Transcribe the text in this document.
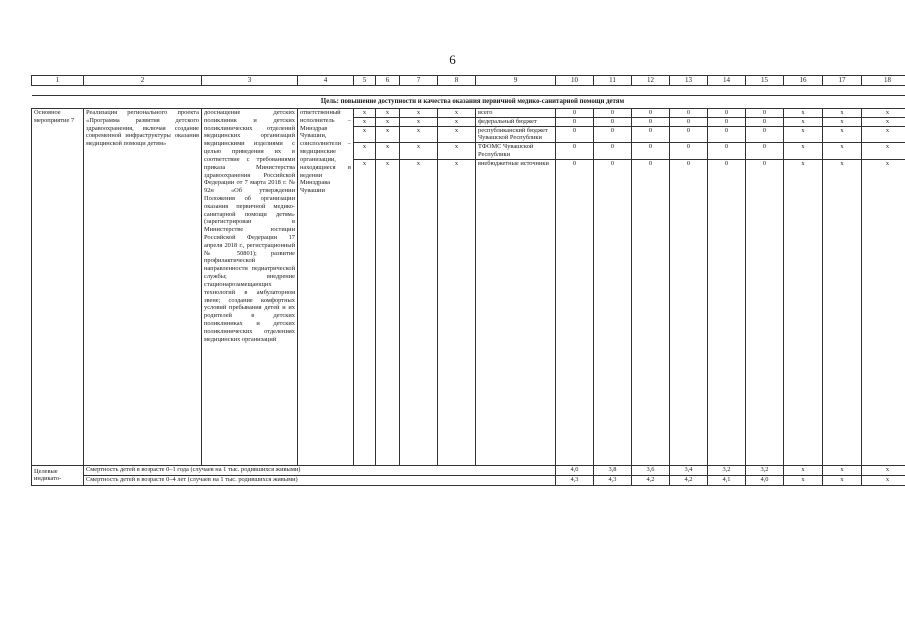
6
1	2	3	4	5	6	7	8	9	10	11	12	13	14	15	16	17	18

Цель: повышение доступности и качества оказания первичной медико-санитарной помощи детям																	
Основное мероприятие 7	Реализация регионального проекта «Программа развития детского здравоохранения, включая создание современной инфраструктуры оказания медицинской помощи детям»	дооснащение детских поликлиник и детских поликлинических отделений медицинских организаций медицинскими изделиями с целью приведения их в соответствие с требованиями приказа Министерства здравоохранения Российской Федерации от 7 марта 2018 г. № 92н «Об утверждении Положения об организации оказания первичной медико-санитарной помощи детям» (зарегистрирован в Министерстве юстиции Российской Федерации 17 апреля 2018 г., регистрационный № 50801); развитие профилактической направленности педиатрической службы; внедрение стационарозамещающих технологий в амбулаторном звене; создание комфортных условий пребывания детей и их родителей в детских поликлиниках и детских поликлинических отделениях медицинских организаций	ответственный исполнитель – Минздрав Чувашии, соисполнители – медицинские организации, находящиеся в ведении Минздрава Чувашии	x	x	x	x	всего	0	0	0	0	0	0	x	x	x
				x	x	x	x	федеральный бюджет	0	0	0	0	0	0	x	x	x
				x	x	x	x	республиканский бюджет Чувашской Республики	0	0	0	0	0	0	x	x	x
				x	x	x	x	ТФОМС Чувашской Республики	0	0	0	0	0	0	x	x	x
				x	x	x	x	внебюджетные источники	0	0	0	0	0	0	x	x	x
Целевые индикато-	Смертность детей в возрасте 0–1 года (случаев на 1 тыс. родившихся живыми)								4,0	3,8	3,6	3,4	3,2	3,2	x	x	x
	Смертность детей в возрасте 0–4 лет (случаев на 1 тыс. родившихся живыми)								4,3	4,3	4,2	4,2	4,1	4,0	x	x	x
